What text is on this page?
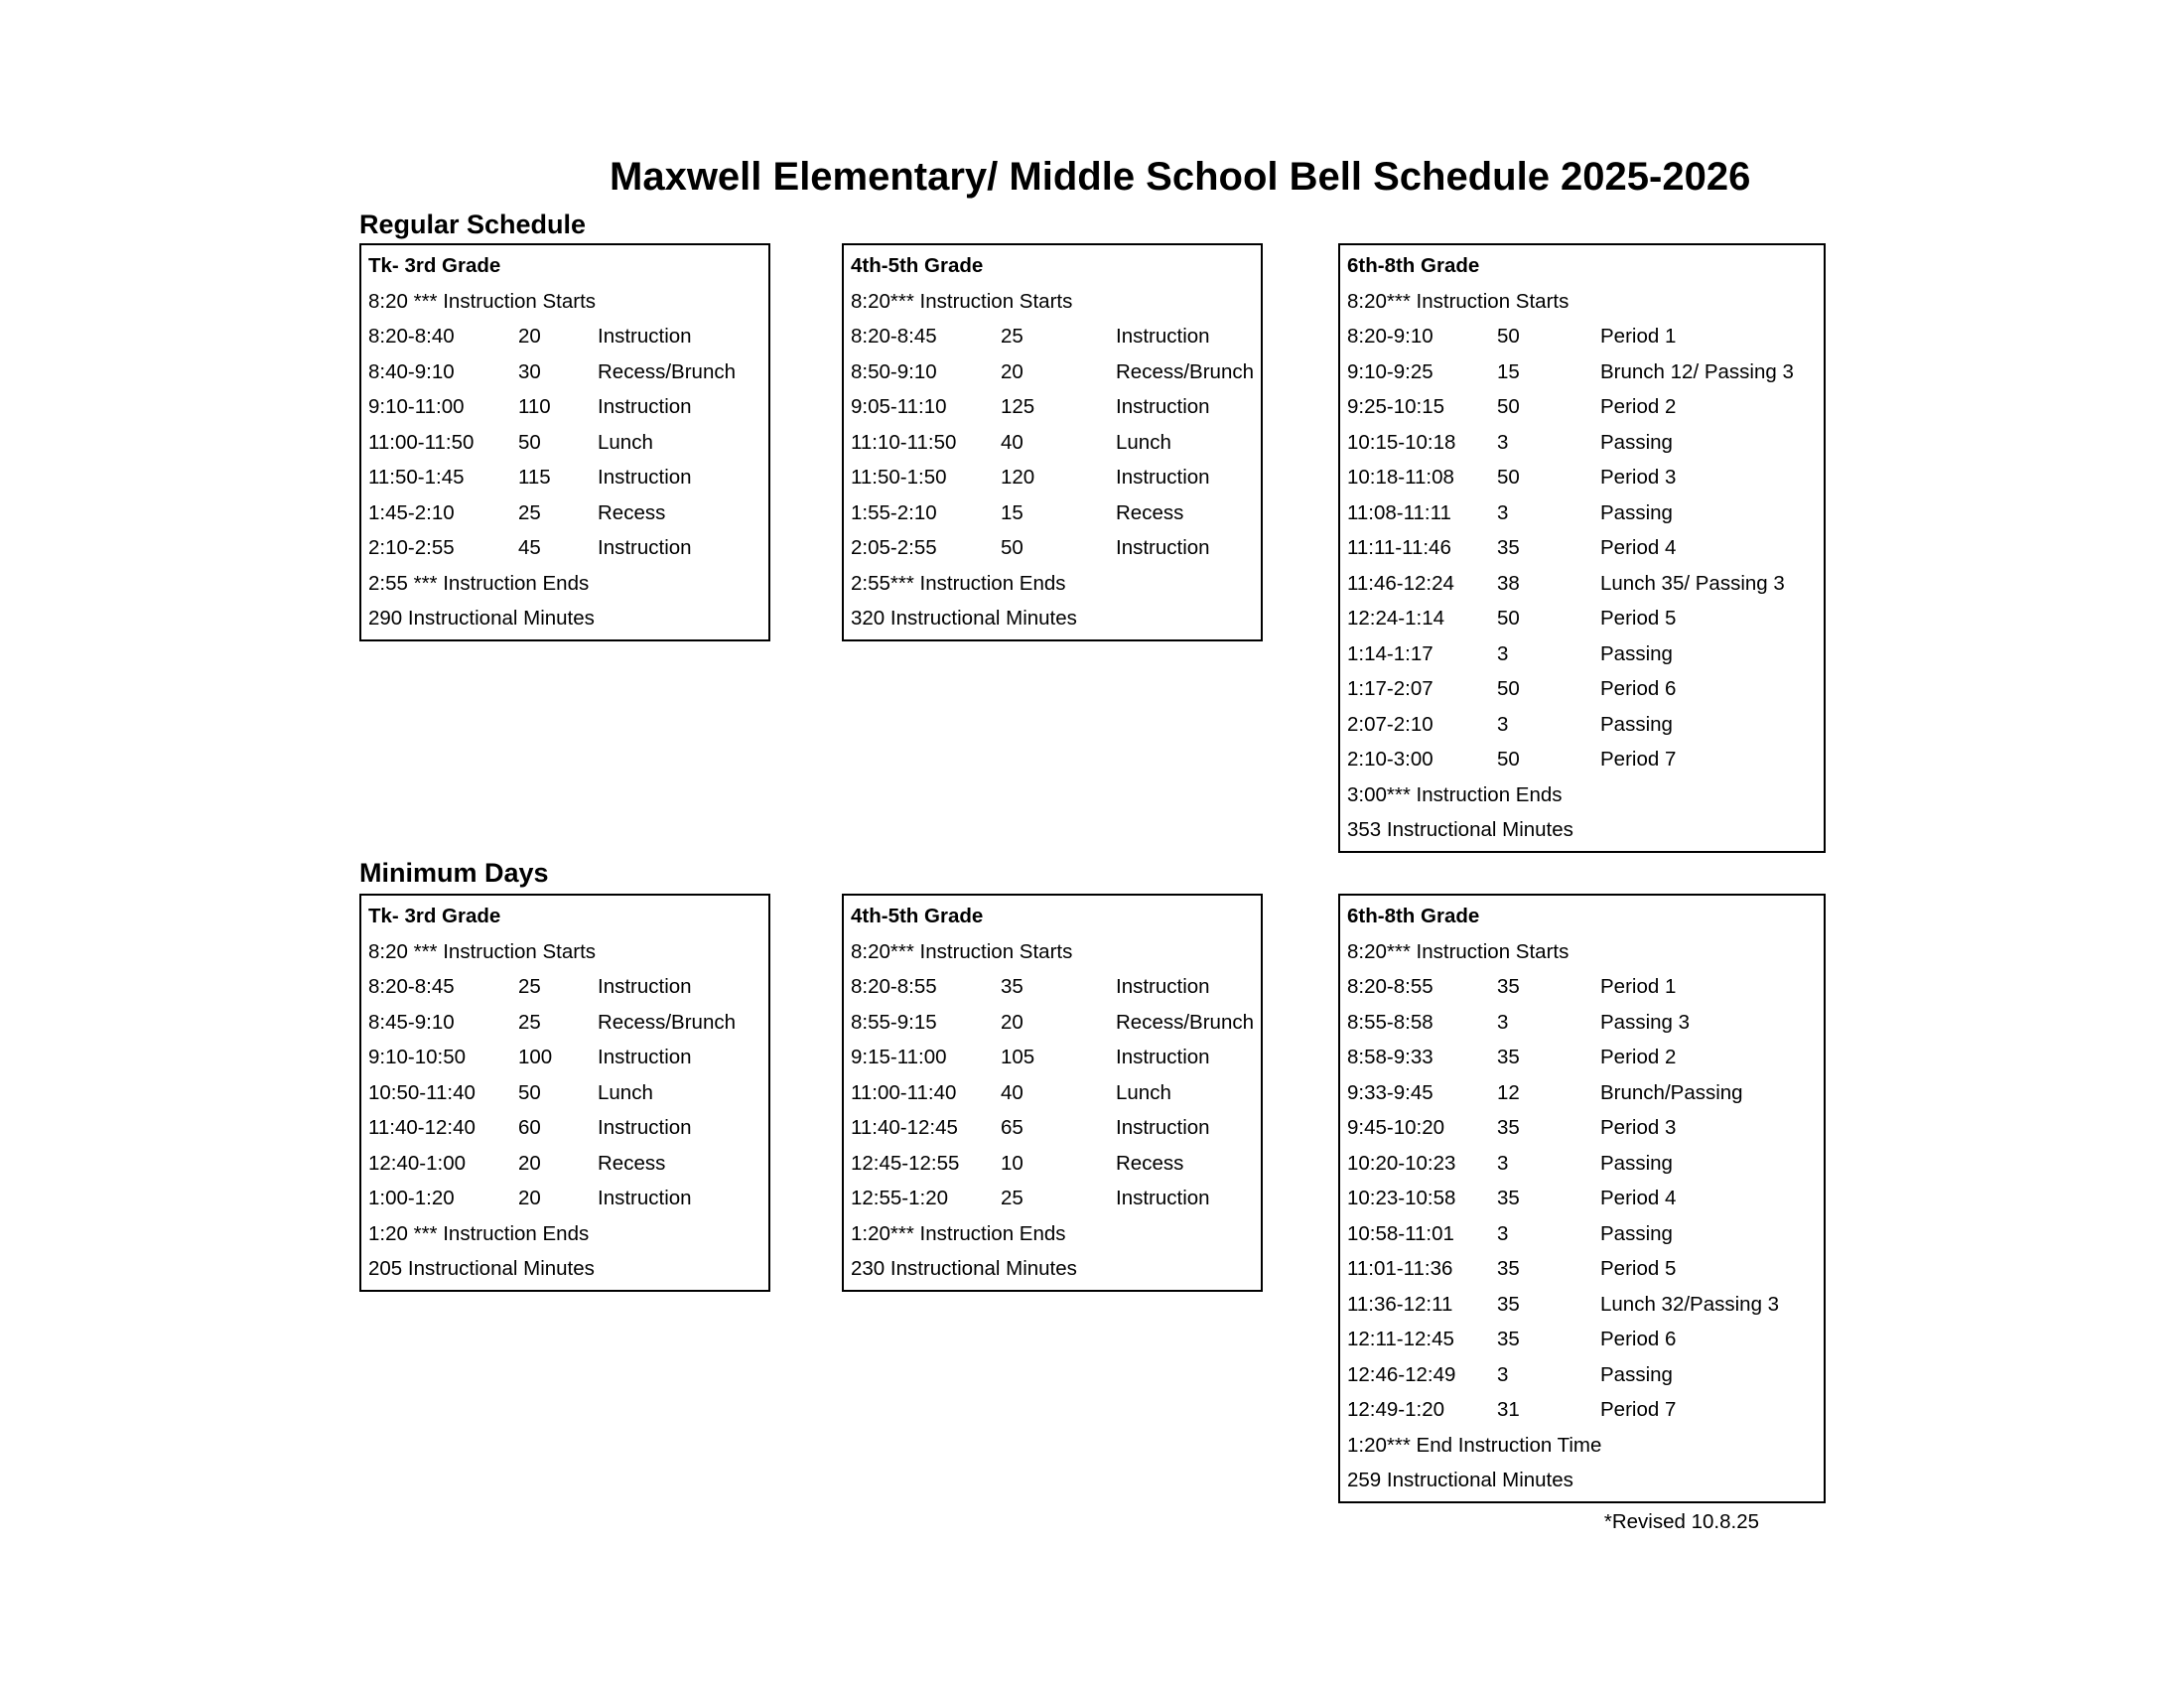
Maxwell Elementary/ Middle School Bell Schedule 2025-2026
Regular Schedule
Tk- 3rd Grade
8:20 *** Instruction Starts
8:20-8:40	20	Instruction
8:40-9:10	30	Recess/Brunch
9:10-11:00	110 Instruction
11:00-11:50 50	Lunch
11:50-1:45	115 Instruction
1:45-2:10	25	Recess
2:10-2:55	45	Instruction
2:55 *** Instruction Ends
290 Instructional Minutes
4th-5th Grade
8:20*** Instruction Starts
8:20-8:45	25	Instruction
8:50-9:10	20	Recess/Brunch
9:05-11:10	125	Instruction
11:10-11:50 40	Lunch
11:50-1:50	120	Instruction
1:55-2:10	15	Recess
2:05-2:55	50	Instruction
2:55*** Instruction Ends
320 Instructional Minutes
6th-8th Grade
8:20*** Instruction Starts
8:20-9:10	50	Period 1
9:10-9:25	15	Brunch 12/ Passing 3
9:25-10:15	50	Period 2
10:15-10:18 3	Passing
10:18-11:08 50	Period 3
11:08-11:11 3	Passing
11:11-11:46 35	Period 4
11:46-12:24 38	Lunch 35/ Passing 3
12:24-1:14	50	Period 5
1:14-1:17	3	Passing
1:17-2:07	50	Period 6
2:07-2:10	3	Passing
2:10-3:00	50	Period 7
3:00*** Instruction Ends
353 Instructional Minutes
Minimum Days
Tk- 3rd Grade
8:20 *** Instruction Starts
8:20-8:45	25	Instruction
8:45-9:10	25	Recess/Brunch
9:10-10:50	100 Instruction
10:50-11:40 50	Lunch
11:40-12:40 60	Instruction
12:40-1:00	20	Recess
1:00-1:20	20	Instruction
1:20 *** Instruction Ends
205 Instructional Minutes
4th-5th Grade
8:20*** Instruction Starts
8:20-8:55	35	Instruction
8:55-9:15	20	Recess/Brunch
9:15-11:00	105	Instruction
11:00-11:40 40	Lunch
11:40-12:45 65	Instruction
12:45-12:55 10	Recess
12:55-1:20	25	Instruction
1:20*** Instruction Ends
230 Instructional Minutes
6th-8th Grade
8:20*** Instruction Starts
8:20-8:55	35	Period 1
8:55-8:58	3	Passing 3
8:58-9:33	35	Period 2
9:33-9:45	12	Brunch/Passing
9:45-10:20	35	Period 3
10:20-10:23 3	Passing
10:23-10:58 35	Period 4
10:58-11:01 3	Passing
11:01-11:36 35	Period 5
11:36-12:11 35	Lunch 32/Passing 3
12:11-12:45 35	Period 6
12:46-12:49 3	Passing
12:49-1:20	31	Period 7
1:20*** End Instruction Time
259 Instructional Minutes
*Revised 10.8.25
